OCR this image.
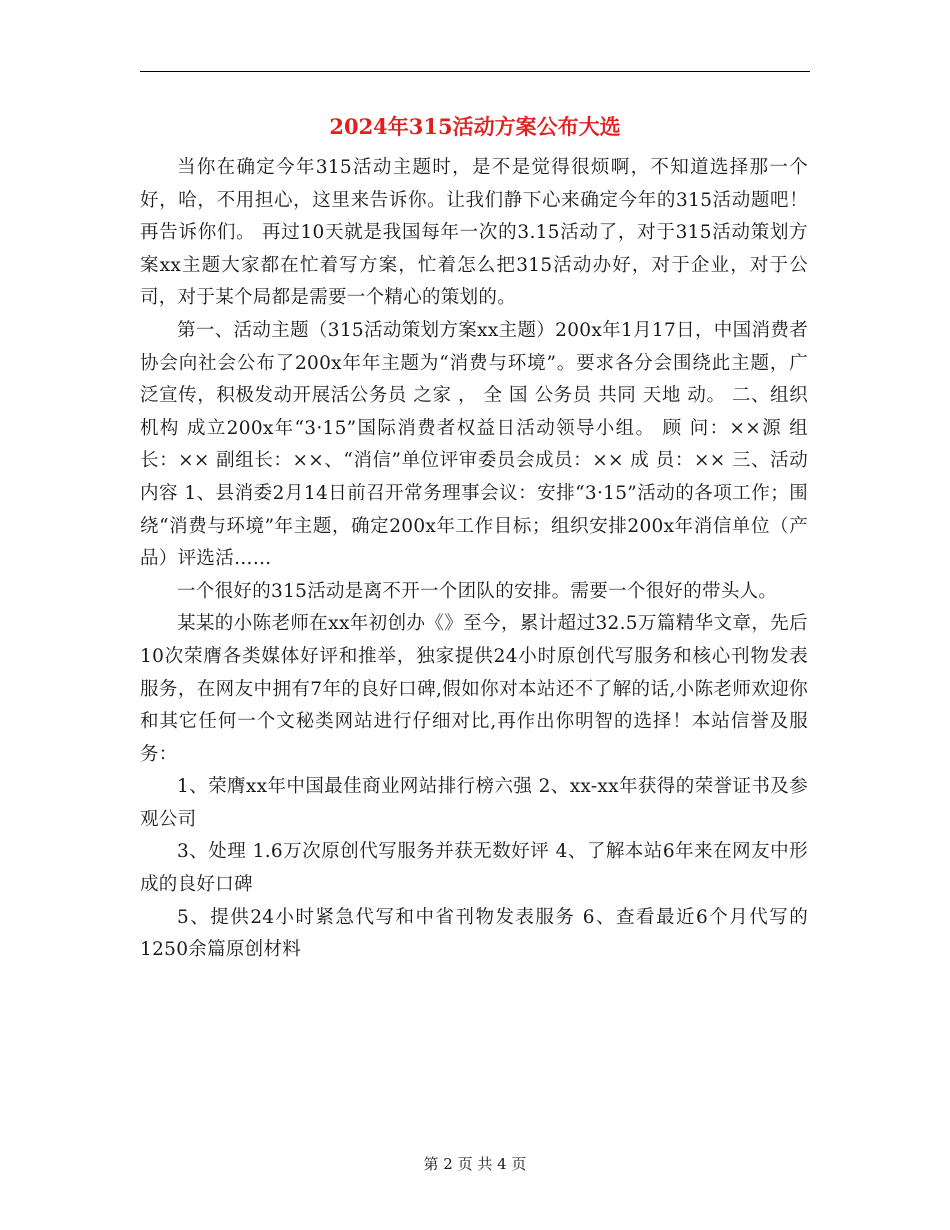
2024年315活动方案公布大选

当你在确定今年315活动主题时，是不是觉得很烦啊，不知道选择那一个好，哈，不用担心，这里来告诉你。让我们静下心来确定今年的315活动题吧！再告诉你们。 再过10天就是我国每年一次的3.15活动了，对于315活动策划方案xx主题大家都在忙着写方案，忙着怎么把315活动办好，对于企业，对于公司，对于某个局都是需要一个精心的策划的。

第一、活动主题（315活动策划方案xx主题）200x年1月17日，中国消费者协会向社会公布了200x年年主题为“消费与环境”。要求各分会围绕此主题，广泛宣传，积极发动开展活公务员 之家 ， 全 国 公务员 共同 天地 动。 二、组织机构 成立200x年“3·15”国际消费者权益日活动领导小组。 顾 问：××源 组 长：×× 副组长：××、“消信”单位评审委员会成员：×× 成 员：×× 三、活动内容 1、县消委2月14日前召开常务理事会议：安排“3·15”活动的各项工作；围绕“消费与环境”年主题，确定200x年工作目标；组织安排200x年消信单位（产品）评选活……

一个很好的315活动是离不开一个团队的安排。需要一个很好的带头人。

某某的小陈老师在xx年初创办《》至今，累计超过32.5万篇精华文章，先后10次荣膺各类媒体好评和推举，独家提供24小时原创代写服务和核心刊物发表服务，在网友中拥有7年的良好口碑,假如你对本站还不了解的话,小陈老师欢迎你和其它任何一个文秘类网站进行仔细对比,再作出你明智的选择！本站信誉及服务：

1、荣膺xx年中国最佳商业网站排行榜六强 2、xx-xx年获得的荣誉证书及参观公司

3、处理 1.6万次原创代写服务并获无数好评 4、了解本站6年来在网友中形成的良好口碑

5、提供24小时紧急代写和中省刊物发表服务 6、查看最近6个月代写的1250余篇原创材料

第 2 页 共 4 页
